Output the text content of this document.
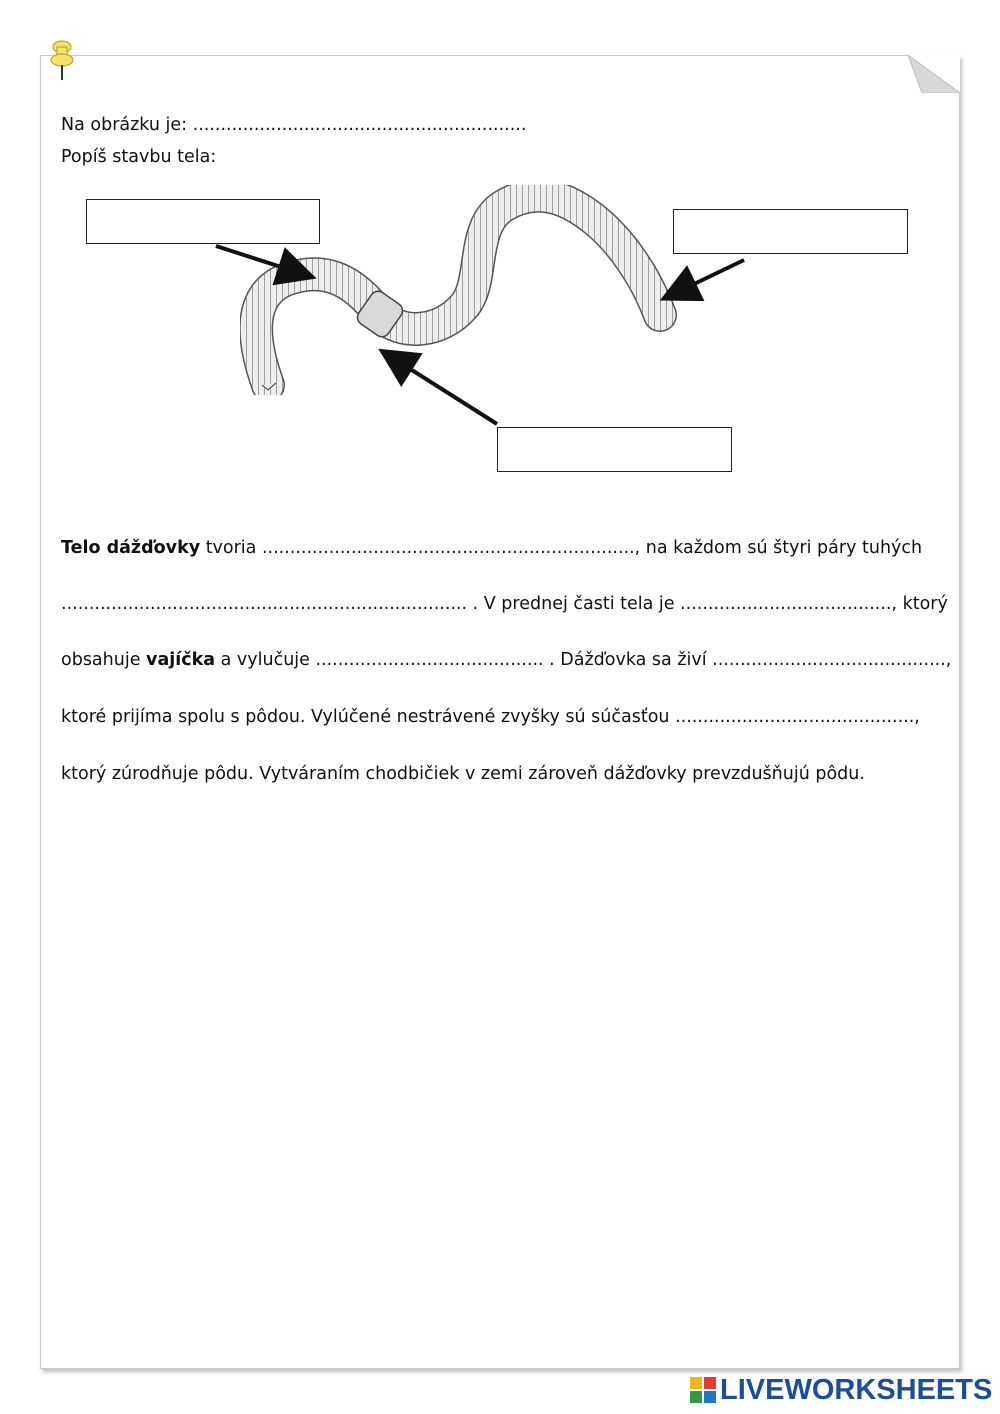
Na obrázku je: ............................................................
Popíš stavbu tela:
Telo dážďovky tvoria ..................................................................., na každom sú štyri páry tuhých
......................................................................... . V prednej časti tela je ......................................, ktorý
obsahuje vajíčka a vylučuje ......................................... . Dážďovka sa živí ..........................................,
ktoré prijíma spolu s pôdou. Vylúčené nestrávené zvyšky sú súčasťou ...........................................,
ktorý zúrodňuje pôdu. Vytváraním chodbičiek v zemi zároveň dážďovky prevzdušňujú pôdu.
LIVEWORKSHEETS
